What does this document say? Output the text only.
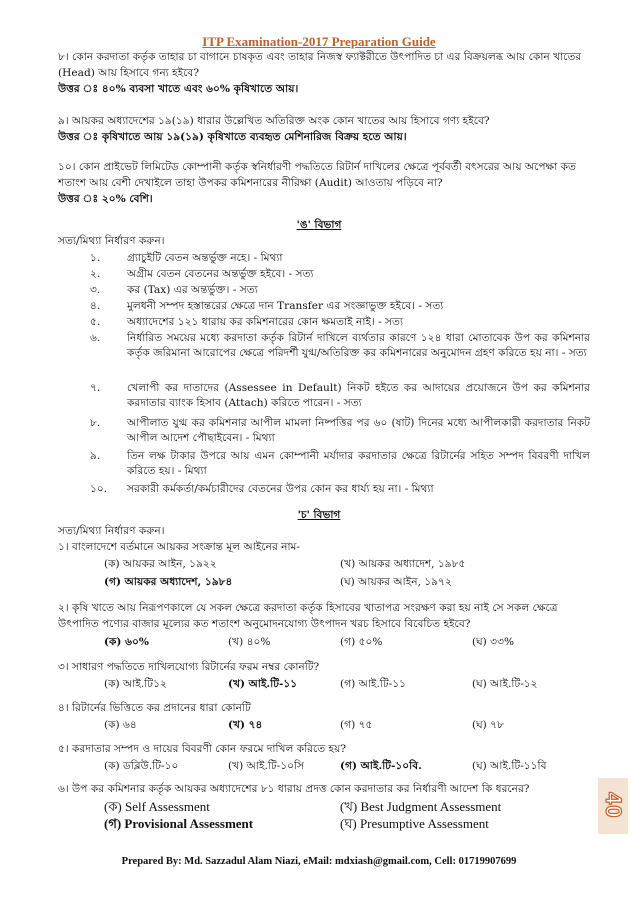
ITP Examination-2017 Preparation Guide
৮। কোন করদাতা কর্তৃক তাহার চা বাগানে চাষকৃত এবং তাহার নিজস্ব ফ্যাক্টরীতে উৎপাদিত চা এর বিক্রয়লব্ধ আয় কোন খাতের
(Head) আয় হিসাবে গন্য হইবে?
উত্তর ঃ ৪০% ব্যবসা খাতে এবং ৬০% কৃষিখাতে আয়।
৯। আয়কর অধ্যাদেশের ১৯(১৯) ধারার উল্লেখিত অতিরিক্ত অংক কোন খাতের আয় হিসাবে গণ্য হইবে?
উত্তর ঃ কৃষিখাতে আয় ১৯(১৯) কৃষিখাতে ব্যবহৃত মেশিনারিজ বিক্রয় হতে আয়।
১০। কোন প্রাইভেট লিমিটেড কোম্পানী কর্তৃক স্বনির্ধারণী পদ্ধতিতে রিটার্ন দাখিলের ক্ষেত্রে পূর্ববর্তী বৎসরের আয় অপেক্ষা কত
শতাংশ আয় বেশী দেখাইলে তাহা উপকর কমিশনারের নীরিক্ষা (Audit) আওতায় পড়িবে না?
উত্তর ঃ ২০% বেশি।
'ঙ' বিভাগ
সত্য/মিথ্যা নির্ধারণ করুন।
১.	গ্র্যাচুইটি বেতন অন্তর্ভুক্ত নহে। - মিথ্যা
২.	অগ্রীম বেতন বেতনের অন্তর্ভুক্ত হইবে। - সত্য
৩.	কর (Tax) এর অন্তর্ভুক্ত। - সত্য
৪.	মুলধনী সম্পদ হস্তান্তরের ক্ষেত্রে দান Transfer এর সংজ্ঞাভুক্ত হইবে। - সত্য
৫.	অধ্যাদেশের ১২১ ধারায় কর কমিশনারের কোন ক্ষমতাই নাই। - সত্য
৬.	নির্ধারিত সময়ের মধ্যে করদাতা কর্তৃক রিটার্ন দাখিলে ব্যর্থতার কারণে ১২৪ ধারা মোতাবেক উপ কর কমিশনার কর্তৃক জরিমানা আরোপের ক্ষেত্রে পরিদর্শী যুগ্ম/অতিরিক্ত কর কমিশনারের অনুমোদন গ্রহণ করিতে হয় না। - সত্য
৭.	খেলাপী কর দাতাদের (Assessee in Default) নিকট হইতে কর আদায়ের প্রয়োজনে উপ কর কমিশনার করদাতার ব্যাংক হিসাব (Attach) করিতে পারেন। - সত্য
৮.	আপীলাত যুগ্ম কর কমিশনার আপীল মামলা নিষ্পত্তির পর ৬০ (ষাট) দিনের মধ্যে আপীলকারী করদাতার নিকট আপীল আদেশ পৌছাইবেন। - মিথ্যা
৯.	তিন লক্ষ টাকার উপরে আয় এমন কোম্পানী মর্যাদার করদাতার ক্ষেত্রে রিটার্নের সহিত সম্পদ বিবরণী দাখিল করিতে হয়। - মিথ্যা
১০.	সরকারী কর্মকর্তা/কর্মচারীদের বেতনের উপর কোন কর ধার্য্য হয় না। - মিথ্যা
'চ' বিভাগ
সত্য/মিথ্যা নির্ধারণ করুন।
১। বাংলাদেশে বর্তমানে আয়কর সংক্রান্ত মূল আইনের নাম-
(ক) আয়কর আইন, ১৯২২	(খ) আয়কর অধ্যাদেশ, ১৯৮৫
(গ) আয়কর অধ্যাদেশ, ১৯৮৪	(ঘ) আয়কর আইন, ১৯৭২
২। কৃষি খাতে আয় নিরূপণকালে যে সকল ক্ষেত্রে করদাতা কর্তৃক হিসাবের খাতাপত্র সংরক্ষণ করা হয় নাই সে সকল ক্ষেত্রে
উৎপাদিত পণ্যের বাজার মূল্যের কত শতাংশ অনুমোদনযোগ্য উৎপাদন খরচ হিসাবে বিবেচিত হইবে?
(ক) ৬০%	(খ) ৪০%	(গ) ৫০%	(ঘ) ৩৩%
৩। সাধারণ পদ্ধতিতে দাখিলযোগ্য রিটার্নের ফরম নম্বর কোনটি?
(ক) আই.টি১২	(খ) আই.টি-১১	(গ) আই.টি-১১	(ঘ) আই.টি-১২
৪। রিটার্নের ভিত্তিতে কর প্রদানের ধারা কোনটি
(ক) ৬৪	(খ) ৭৪	(গ) ৭৫	(ঘ) ৭৮
৫। করদাতার সম্পদ ও দায়ের বিবরণী কোন ফরমে দাখিল করিতে হয়?
(ক) ডব্লিউ.টি-১০	(খ) আই.টি-১০সি	(গ) আই.টি-১০বি.	(ঘ) আই.টি-১১বি
৬। উপ কর কমিশনার কর্তৃক আয়কর অধ্যাদেশের ৮১ ধারায় প্রদত্ত কোন করদাতার কর নির্ধারণী আদেশ কি ধরনের?
(ক) Self Assessment	(খ) Best Judgment Assessment
(গ) Provisional Assessment	(ঘ) Presumptive Assessment
40
Prepared By: Md. Sazzadul Alam Niazi, eMail: mdxiash@gmail.com, Cell: 01719907699
